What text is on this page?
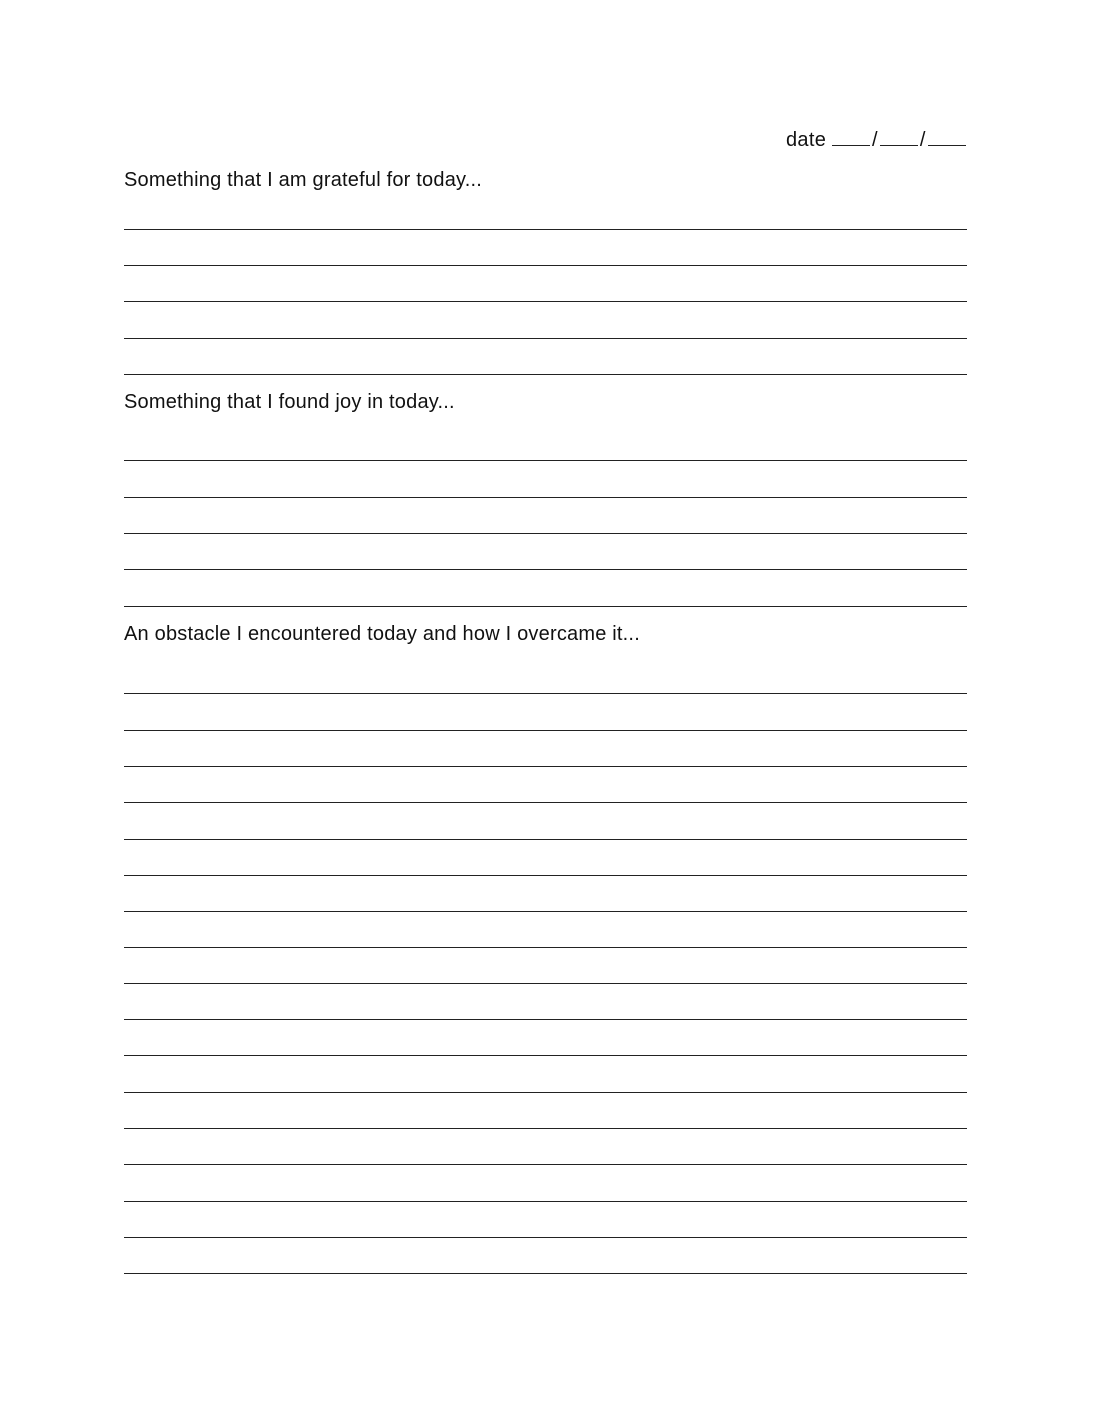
date / /
Something that I am grateful for today...
Something that I found joy in today...
An obstacle I encountered today and how I overcame it...
